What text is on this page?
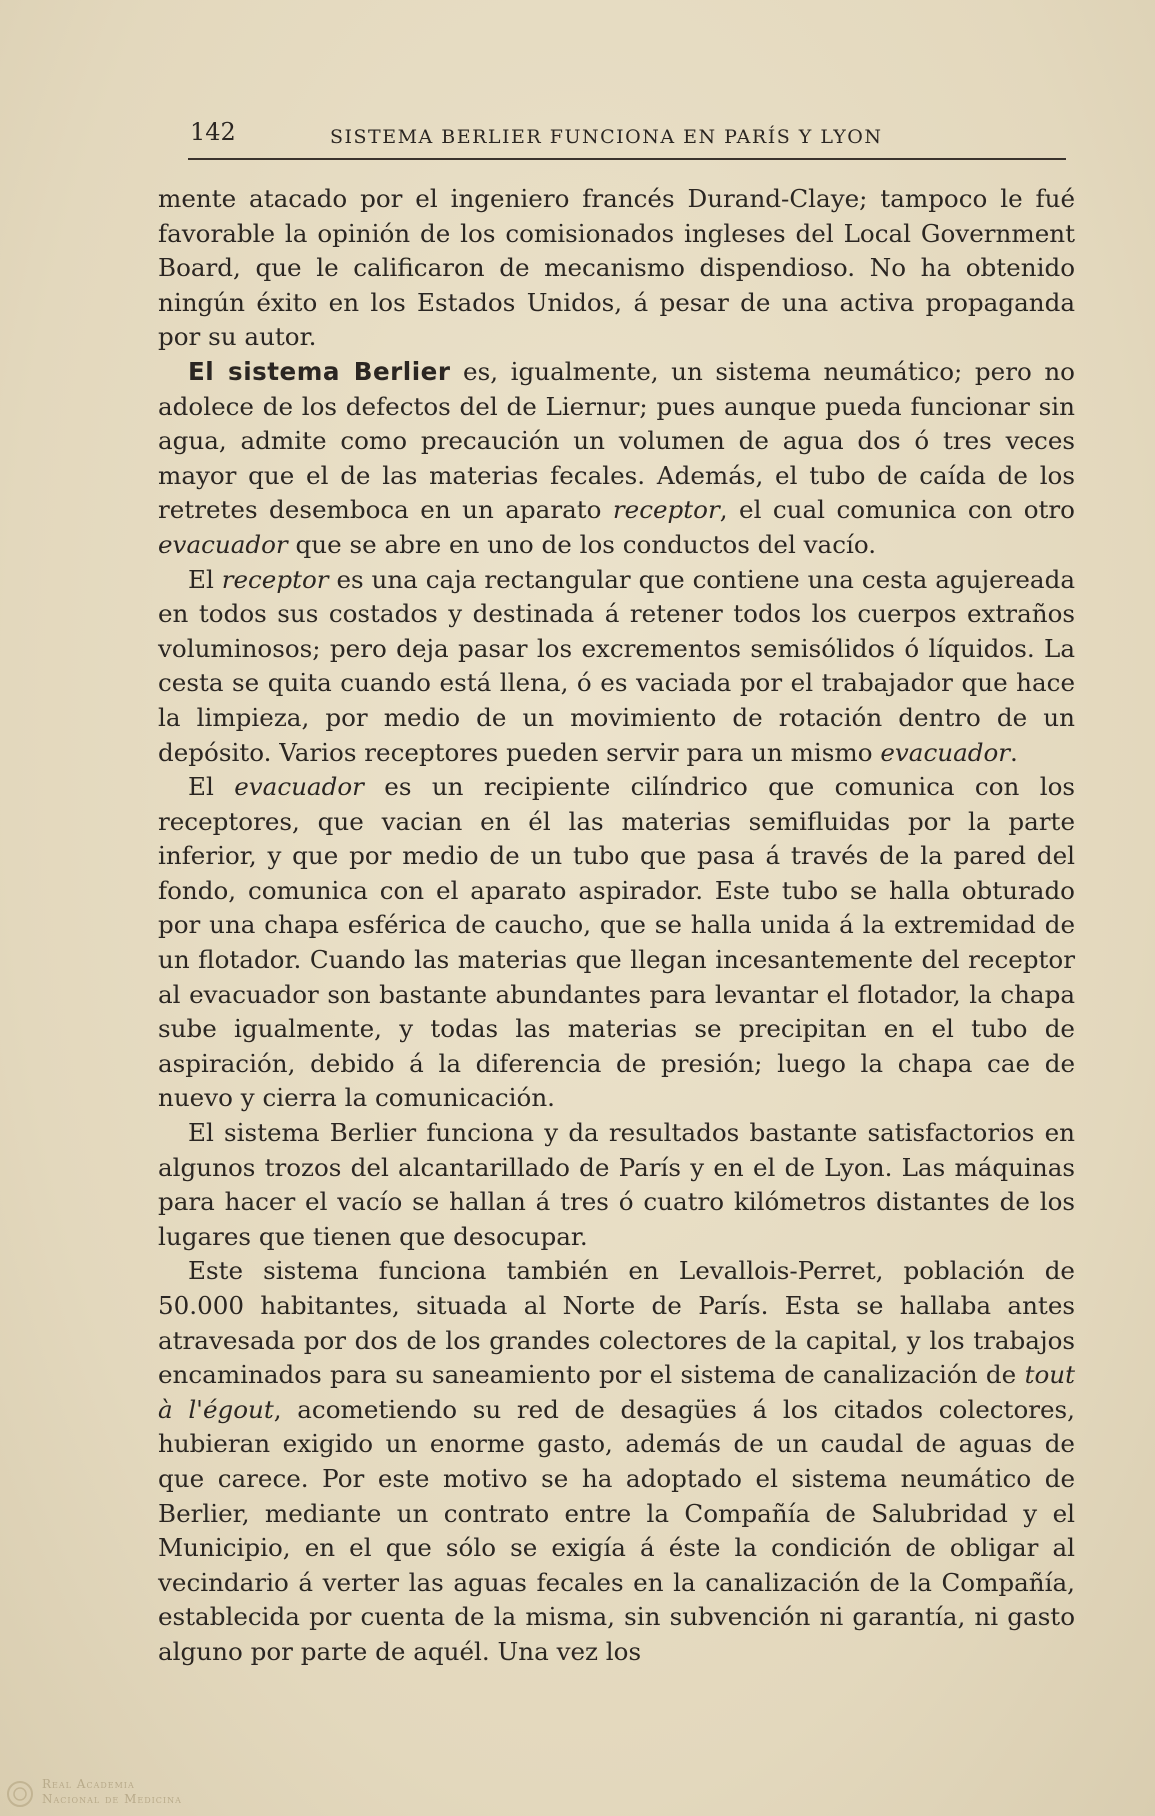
142	SISTEMA BERLIER FUNCIONA EN PARÍS Y LYON

mente atacado por el ingeniero francés Durand-Claye; tampoco le fué favorable la opinión de los comisionados ingleses del Local Government Board, que le calificaron de mecanismo dispendioso. No ha obtenido ningún éxito en los Estados Unidos, á pesar de una activa propaganda por su autor.

El sistema Berlier es, igualmente, un sistema neumático; pero no adolece de los defectos del de Liernur; pues aunque pueda funcionar sin agua, admite como precaución un volumen de agua dos ó tres veces mayor que el de las materias fecales. Además, el tubo de caída de los retretes desemboca en un aparato receptor, el cual comunica con otro evacuador que se abre en uno de los conductos del vacío.

El receptor es una caja rectangular que contiene una cesta agujereada en todos sus costados y destinada á retener todos los cuerpos extraños voluminosos; pero deja pasar los excrementos semisólidos ó líquidos. La cesta se quita cuando está llena, ó es vaciada por el trabajador que hace la limpieza, por medio de un movimiento de rotación dentro de un depósito. Varios receptores pueden servir para un mismo evacuador.

El evacuador es un recipiente cilíndrico que comunica con los receptores, que vacian en él las materias semifluidas por la parte inferior, y que por medio de un tubo que pasa á través de la pared del fondo, comunica con el aparato aspirador. Este tubo se halla obturado por una chapa esférica de caucho, que se halla unida á la extremidad de un flotador. Cuando las materias que llegan incesantemente del receptor al evacuador son bastante abundantes para levantar el flotador, la chapa sube igualmente, y todas las materias se precipitan en el tubo de aspiración, debido á la diferencia de presión; luego la chapa cae de nuevo y cierra la comunicación.

El sistema Berlier funciona y da resultados bastante satisfactorios en algunos trozos del alcantarillado de París y en el de Lyon. Las máquinas para hacer el vacío se hallan á tres ó cuatro kilómetros distantes de los lugares que tienen que desocupar.

Este sistema funciona también en Levallois-Perret, población de 50.000 habitantes, situada al Norte de París. Esta se hallaba antes atravesada por dos de los grandes colectores de la capital, y los trabajos encaminados para su saneamiento por el sistema de canalización de tout à l'égout, acometiendo su red de desagües á los citados colectores, hubieran exigido un enorme gasto, además de un caudal de aguas de que carece. Por este motivo se ha adoptado el sistema neumático de Berlier, mediante un contrato entre la Compañía de Salubridad y el Municipio, en el que sólo se exigía á éste la condición de obligar al vecindario á verter las aguas fecales en la canalización de la Compañía, establecida por cuenta de la misma, sin subvención ni garantía, ni gasto alguno por parte de aquél. Una vez los

Real Academia
Nacional de Medicina
